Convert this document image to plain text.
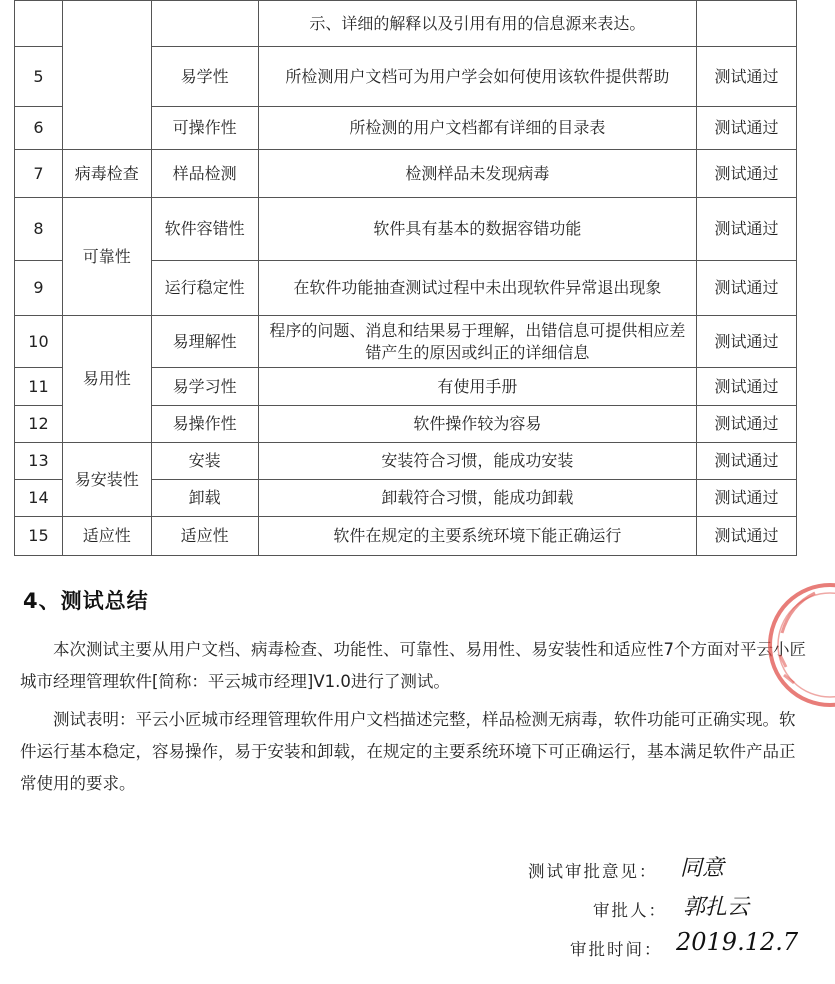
			示、详细的解释以及引用有用的信息源来表达。	
5		易学性	所检测用户文档可为用户学会如何使用该软件提供帮助	测试通过
6		可操作性	所检测的用户文档都有详细的目录表	测试通过
7	病毒检查	样品检测	检测样品未发现病毒	测试通过
8	可靠性	软件容错性	软件具有基本的数据容错功能	测试通过
9		运行稳定性	在软件功能抽查测试过程中未出现软件异常退出现象	测试通过
10	易用性	易理解性	程序的问题、消息和结果易于理解，出错信息可提供相应差错产生的原因或纠正的详细信息	测试通过
11		易学习性	有使用手册	测试通过
12		易操作性	软件操作较为容易	测试通过
13	易安装性	安装	安装符合习惯，能成功安装	测试通过
14		卸载	卸载符合习惯，能成功卸载	测试通过
15	适应性	适应性	软件在规定的主要系统环境下能正确运行	测试通过
4、测试总结

本次测试主要从用户文档、病毒检查、功能性、可靠性、易用性、易安装性和适应性7个方面对平云小匠城市经理管理软件[简称：平云城市经理]V1.0进行了测试。

测试表明：平云小匠城市经理管理软件用户文档描述完整，样品检测无病毒，软件功能可正确实现。软件运行基本稳定，容易操作，易于安装和卸载，在规定的主要系统环境下可正确运行，基本满足软件产品正常使用的要求。

测试审批意见： 同意
审批人： 郭扎云
审批时间： 2019.12.7
